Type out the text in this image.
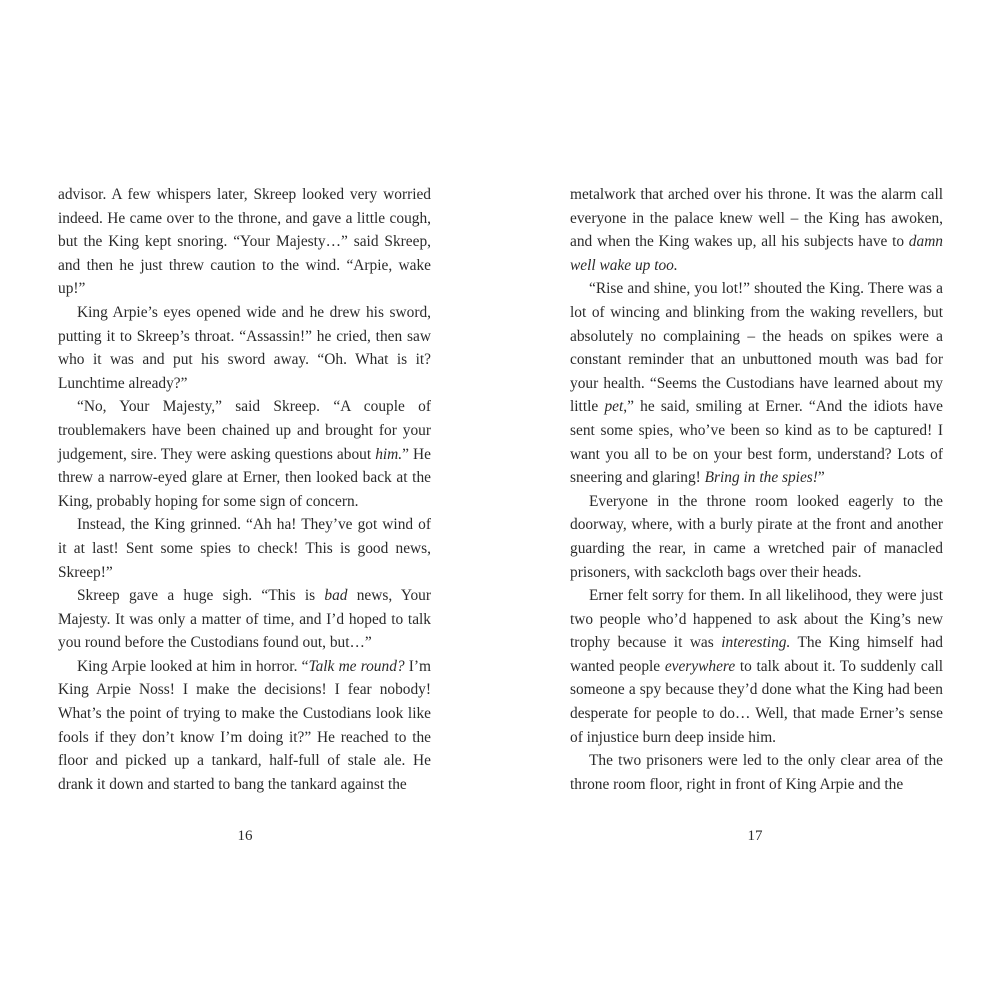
advisor. A few whispers later, Skreep looked very worried indeed. He came over to the throne, and gave a little cough, but the King kept snoring. “Your Majesty…” said Skreep, and then he just threw caution to the wind. “Arpie, wake up!”

King Arpie’s eyes opened wide and he drew his sword, putting it to Skreep’s throat. “Assassin!” he cried, then saw who it was and put his sword away. “Oh. What is it? Lunchtime already?”

“No, Your Majesty,” said Skreep. “A couple of troublemakers have been chained up and brought for your judgement, sire. They were asking questions about him.” He threw a narrow-eyed glare at Erner, then looked back at the King, probably hoping for some sign of concern.

Instead, the King grinned. “Ah ha! They’ve got wind of it at last! Sent some spies to check! This is good news, Skreep!”

Skreep gave a huge sigh. “This is bad news, Your Majesty. It was only a matter of time, and I’d hoped to talk you round before the Custodians found out, but…”

King Arpie looked at him in horror. “Talk me round? I’m King Arpie Noss! I make the decisions! I fear nobody! What’s the point of trying to make the Custodians look like fools if they don’t know I’m doing it?” He reached to the floor and picked up a tankard, half-full of stale ale. He drank it down and started to bang the tankard against the

16

metalwork that arched over his throne. It was the alarm call everyone in the palace knew well – the King has awoken, and when the King wakes up, all his subjects have to damn well wake up too.

“Rise and shine, you lot!” shouted the King. There was a lot of wincing and blinking from the waking revellers, but absolutely no complaining – the heads on spikes were a constant reminder that an unbuttoned mouth was bad for your health. “Seems the Custodians have learned about my little pet,” he said, smiling at Erner. “And the idiots have sent some spies, who’ve been so kind as to be captured! I want you all to be on your best form, understand? Lots of sneering and glaring! Bring in the spies!”

Everyone in the throne room looked eagerly to the doorway, where, with a burly pirate at the front and another guarding the rear, in came a wretched pair of manacled prisoners, with sackcloth bags over their heads.

Erner felt sorry for them. In all likelihood, they were just two people who’d happened to ask about the King’s new trophy because it was interesting. The King himself had wanted people everywhere to talk about it. To suddenly call someone a spy because they’d done what the King had been desperate for people to do… Well, that made Erner’s sense of injustice burn deep inside him.

The two prisoners were led to the only clear area of the throne room floor, right in front of King Arpie and the

17
